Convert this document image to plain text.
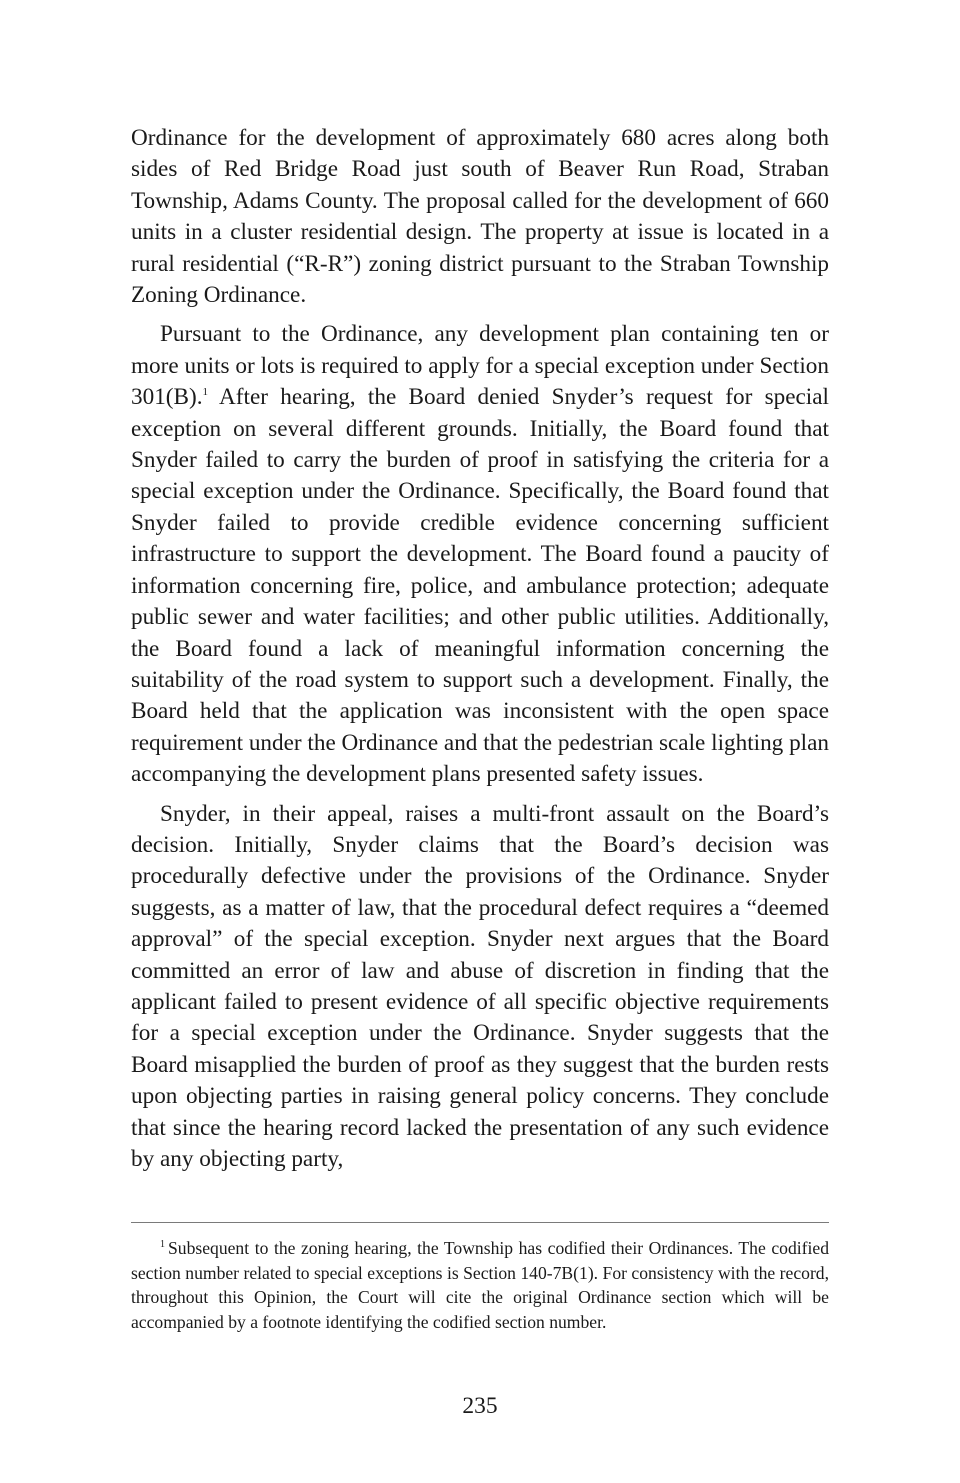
Ordinance for the development of approximately 680 acres along both sides of Red Bridge Road just south of Beaver Run Road, Straban Township, Adams County. The proposal called for the development of 660 units in a cluster residential design. The property at issue is located in a rural residential (“R-R”) zoning district pursuant to the Straban Township Zoning Ordinance.

Pursuant to the Ordinance, any development plan containing ten or more units or lots is required to apply for a special exception under Section 301(B).$^1$ After hearing, the Board denied Snyder’s request for special exception on several different grounds. Initially, the Board found that Snyder failed to carry the burden of proof in satisfying the criteria for a special exception under the Ordinance. Specifically, the Board found that Snyder failed to provide credible evidence concerning sufficient infrastructure to support the development. The Board found a paucity of information concerning fire, police, and ambulance protection; adequate public sewer and water facilities; and other public utilities. Additionally, the Board found a lack of meaningful information concerning the suitability of the road system to support such a development. Finally, the Board held that the application was inconsistent with the open space requirement under the Ordinance and that the pedestrian scale lighting plan accompanying the development plans presented safety issues.

Snyder, in their appeal, raises a multi-front assault on the Board’s decision. Initially, Snyder claims that the Board’s decision was procedurally defective under the provisions of the Ordinance. Snyder suggests, as a matter of law, that the procedural defect requires a “deemed approval” of the special exception. Snyder next argues that the Board committed an error of law and abuse of discretion in finding that the applicant failed to present evidence of all specific objective requirements for a special exception under the Ordinance. Snyder suggests that the Board misapplied the burden of proof as they suggest that the burden rests upon objecting parties in raising general policy concerns. They conclude that since the hearing record lacked the presentation of any such evidence by any objecting party,

$^1$ Subsequent to the zoning hearing, the Township has codified their Ordinances. The codified section number related to special exceptions is Section 140-7B(1). For consistency with the record, throughout this Opinion, the Court will cite the original Ordinance section which will be accompanied by a footnote identifying the codified section number.

235
